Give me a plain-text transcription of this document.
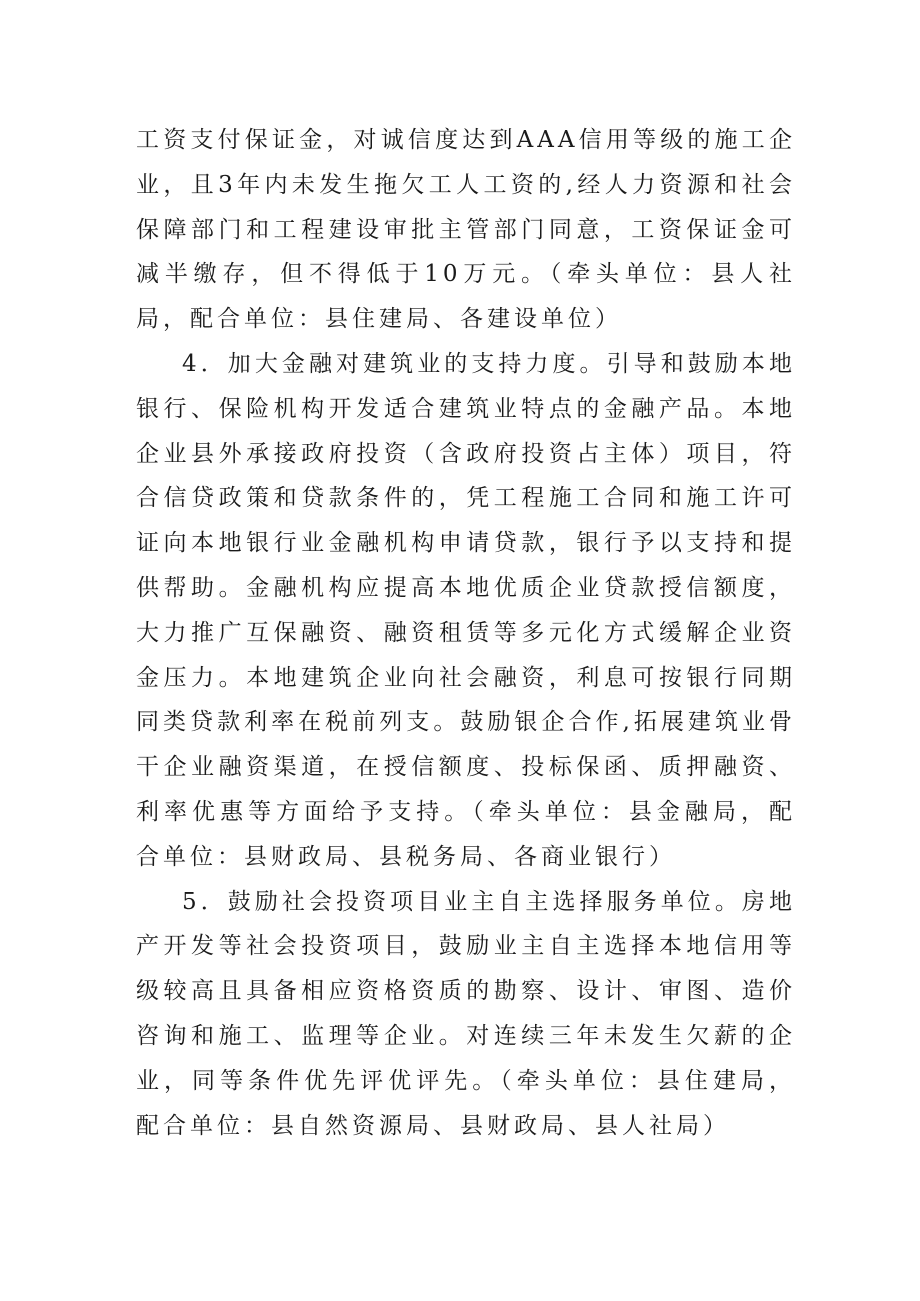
工资支付保证金，对诚信度达到AAA信用等级的施工企业，且3年内未发生拖欠工人工资的,经人力资源和社会保障部门和工程建设审批主管部门同意，工资保证金可减半缴存，但不得低于10万元。（牵头单位：县人社局，配合单位：县住建局、各建设单位）

4．加大金融对建筑业的支持力度。引导和鼓励本地银行、保险机构开发适合建筑业特点的金融产品。本地企业县外承接政府投资（含政府投资占主体）项目，符合信贷政策和贷款条件的，凭工程施工合同和施工许可证向本地银行业金融机构申请贷款，银行予以支持和提供帮助。金融机构应提高本地优质企业贷款授信额度，大力推广互保融资、融资租赁等多元化方式缓解企业资金压力。本地建筑企业向社会融资，利息可按银行同期同类贷款利率在税前列支。鼓励银企合作,拓展建筑业骨干企业融资渠道，在授信额度、投标保函、质押融资、利率优惠等方面给予支持。（牵头单位：县金融局，配合单位：县财政局、县税务局、各商业银行）

5．鼓励社会投资项目业主自主选择服务单位。房地产开发等社会投资项目，鼓励业主自主选择本地信用等级较高且具备相应资格资质的勘察、设计、审图、造价咨询和施工、监理等企业。对连续三年未发生欠薪的企业，同等条件优先评优评先。（牵头单位：县住建局，配合单位：县自然资源局、县财政局、县人社局）
